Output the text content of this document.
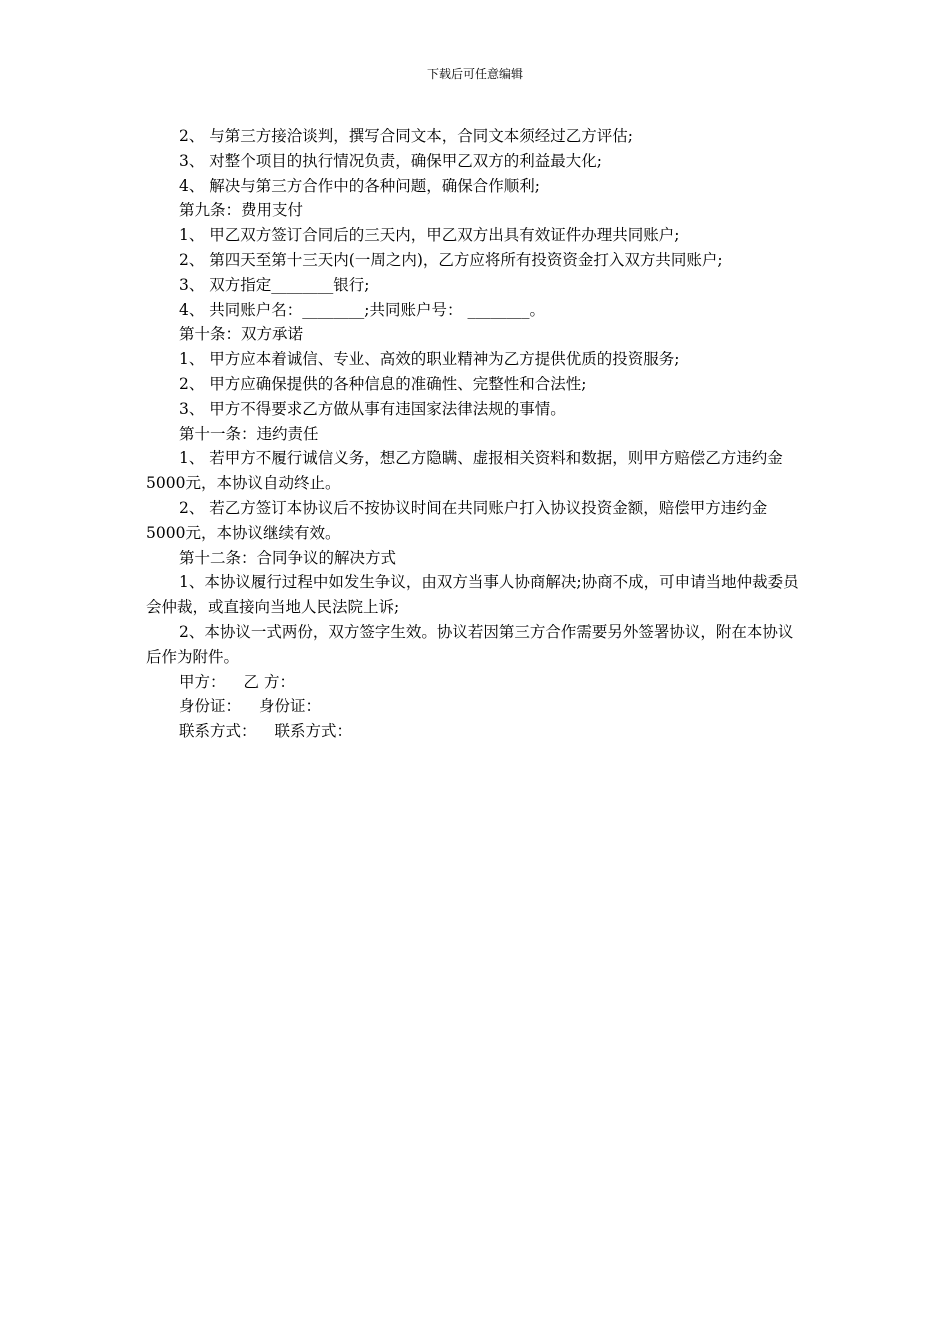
下载后可任意编辑
2、 与第三方接洽谈判，撰写合同文本，合同文本须经过乙方评估;
3、 对整个项目的执行情况负责，确保甲乙双方的利益最大化;
4、 解决与第三方合作中的各种问题，确保合作顺利;
第九条：费用支付
1、 甲乙双方签订合同后的三天内，甲乙双方出具有效证件办理共同账户;
2、 第四天至第十三天内(一周之内)，乙方应将所有投资资金打入双方共同账户;
3、 双方指定________银行;
4、 共同账户名：________;共同账户号： ________。
第十条：双方承诺
1、 甲方应本着诚信、专业、高效的职业精神为乙方提供优质的投资服务;
2、 甲方应确保提供的各种信息的准确性、完整性和合法性;
3、 甲方不得要求乙方做从事有违国家法律法规的事情。
第十一条：违约责任
1、 若甲方不履行诚信义务，想乙方隐瞒、虚报相关资料和数据，则甲方赔偿乙方违约金5000元，本协议自动终止。
2、 若乙方签订本协议后不按协议时间在共同账户打入协议投资金额，赔偿甲方违约金5000元，本协议继续有效。
第十二条：合同争议的解决方式
1、本协议履行过程中如发生争议，由双方当事人协商解决;协商不成，可申请当地仲裁委员会仲裁，或直接向当地人民法院上诉;
2、本协议一式两份，双方签字生效。协议若因第三方合作需要另外签署协议，附在本协议后作为附件。
甲方： 乙 方：
身份证： 身份证：
联系方式： 联系方式：
